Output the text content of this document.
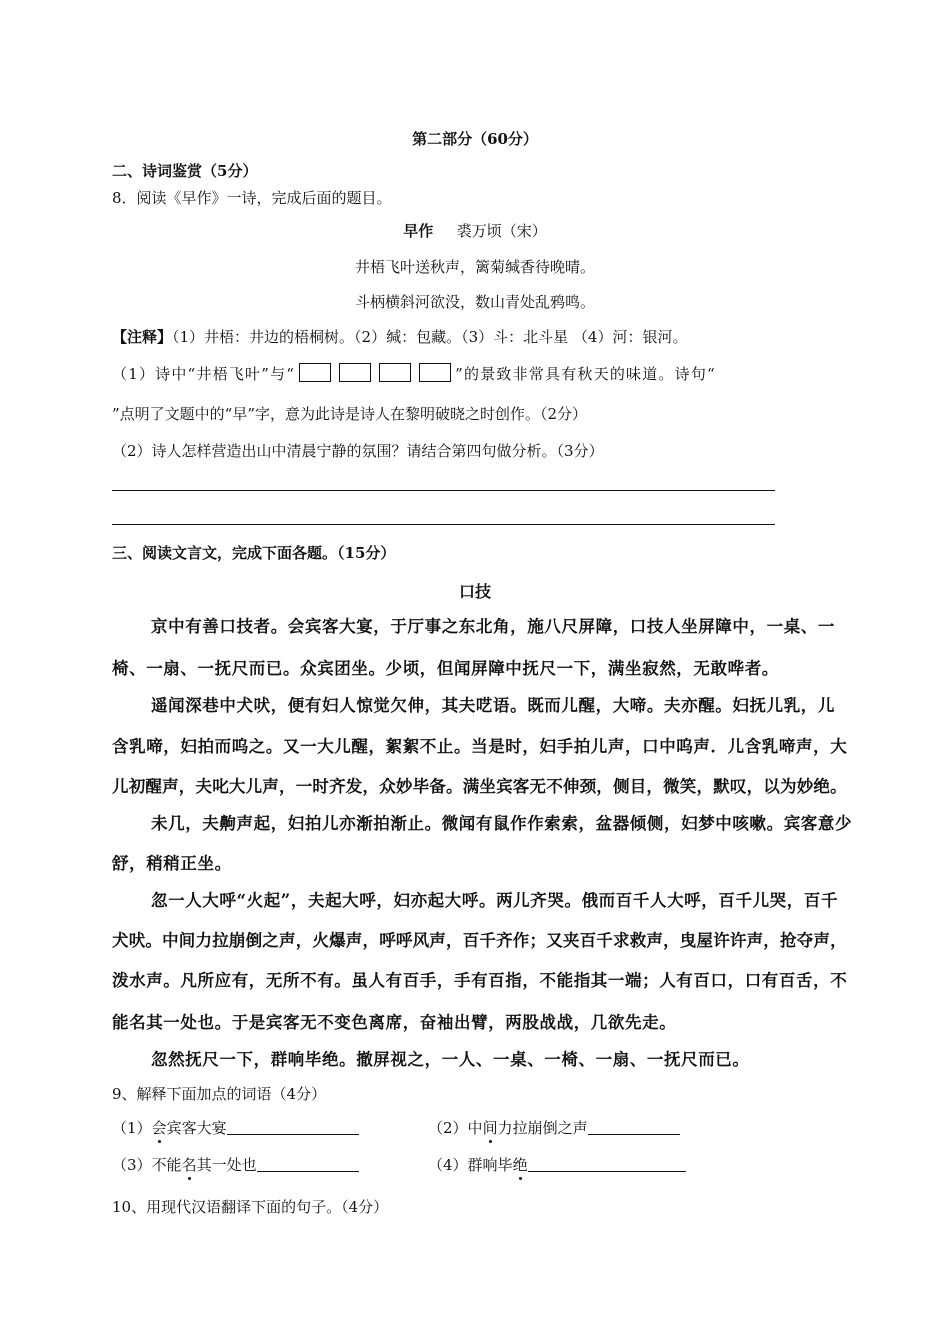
第二部分（60分）
二、诗词鉴赏（5分）
8．阅读《早作》一诗，完成后面的题目。
早作 裘万顷（宋）
井梧飞叶送秋声，篱菊缄香待晚晴。
斗柄横斜河欲没，数山青处乱鸦鸣。
【注释】（1）井梧：井边的梧桐树。（2）缄：包藏。（3）斗：北斗星 （4）河：银河。
（1）诗中“井梧飞叶”与“	”的景致非常具有秋天的味道。诗句“
”点明了文题中的“早”字，意为此诗是诗人在黎明破晓之时创作。（2分）
（2）诗人怎样营造出山中清晨宁静的氛围？请结合第四句做分析。（3分）
三、阅读文言文，完成下面各题。（15分）
口技
京中有善口技者。会宾客大宴，于厅事之东北角，施八尺屏障，口技人坐屏障中，一桌、一
椅、一扇、一抚尺而已。众宾团坐。少顷，但闻屏障中抚尺一下，满坐寂然，无敢哗者。
遥闻深巷中犬吠，便有妇人惊觉欠伸，其夫呓语。既而儿醒，大啼。夫亦醒。妇抚儿乳，儿
含乳啼，妇拍而呜之。又一大儿醒，絮絮不止。当是时，妇手拍儿声，口中呜声．儿含乳啼声，大
儿初醒声，夫叱大儿声，一时齐发，众妙毕备。满坐宾客无不伸颈，侧目，微笑，默叹，以为妙绝。
未几，夫齁声起，妇拍儿亦渐拍渐止。微闻有鼠作作索索，盆器倾侧，妇梦中咳嗽。宾客意少
舒，稍稍正坐。
忽一人大呼“火起”，夫起大呼，妇亦起大呼。两儿齐哭。俄而百千人大呼，百千儿哭，百千
犬吠。中间力拉崩倒之声，火爆声，呼呼风声，百千齐作；又夹百千求救声，曳屋许许声，抢夺声，
泼水声。凡所应有，无所不有。虽人有百手，手有百指，不能指其一端；人有百口，口有百舌，不
能名其一处也。于是宾客无不变色离席，奋袖出臂，两股战战，几欲先走。
忽然抚尺一下，群响毕绝。撤屏视之，一人、一桌、一椅、一扇、一抚尺而已。
9、解释下面加点的词语（4分）
（1）会宾客大宴	（2）中间力拉崩倒之声
（3）不能名其一处也	（4）群响毕绝
10、用现代汉语翻译下面的句子。（4分）
